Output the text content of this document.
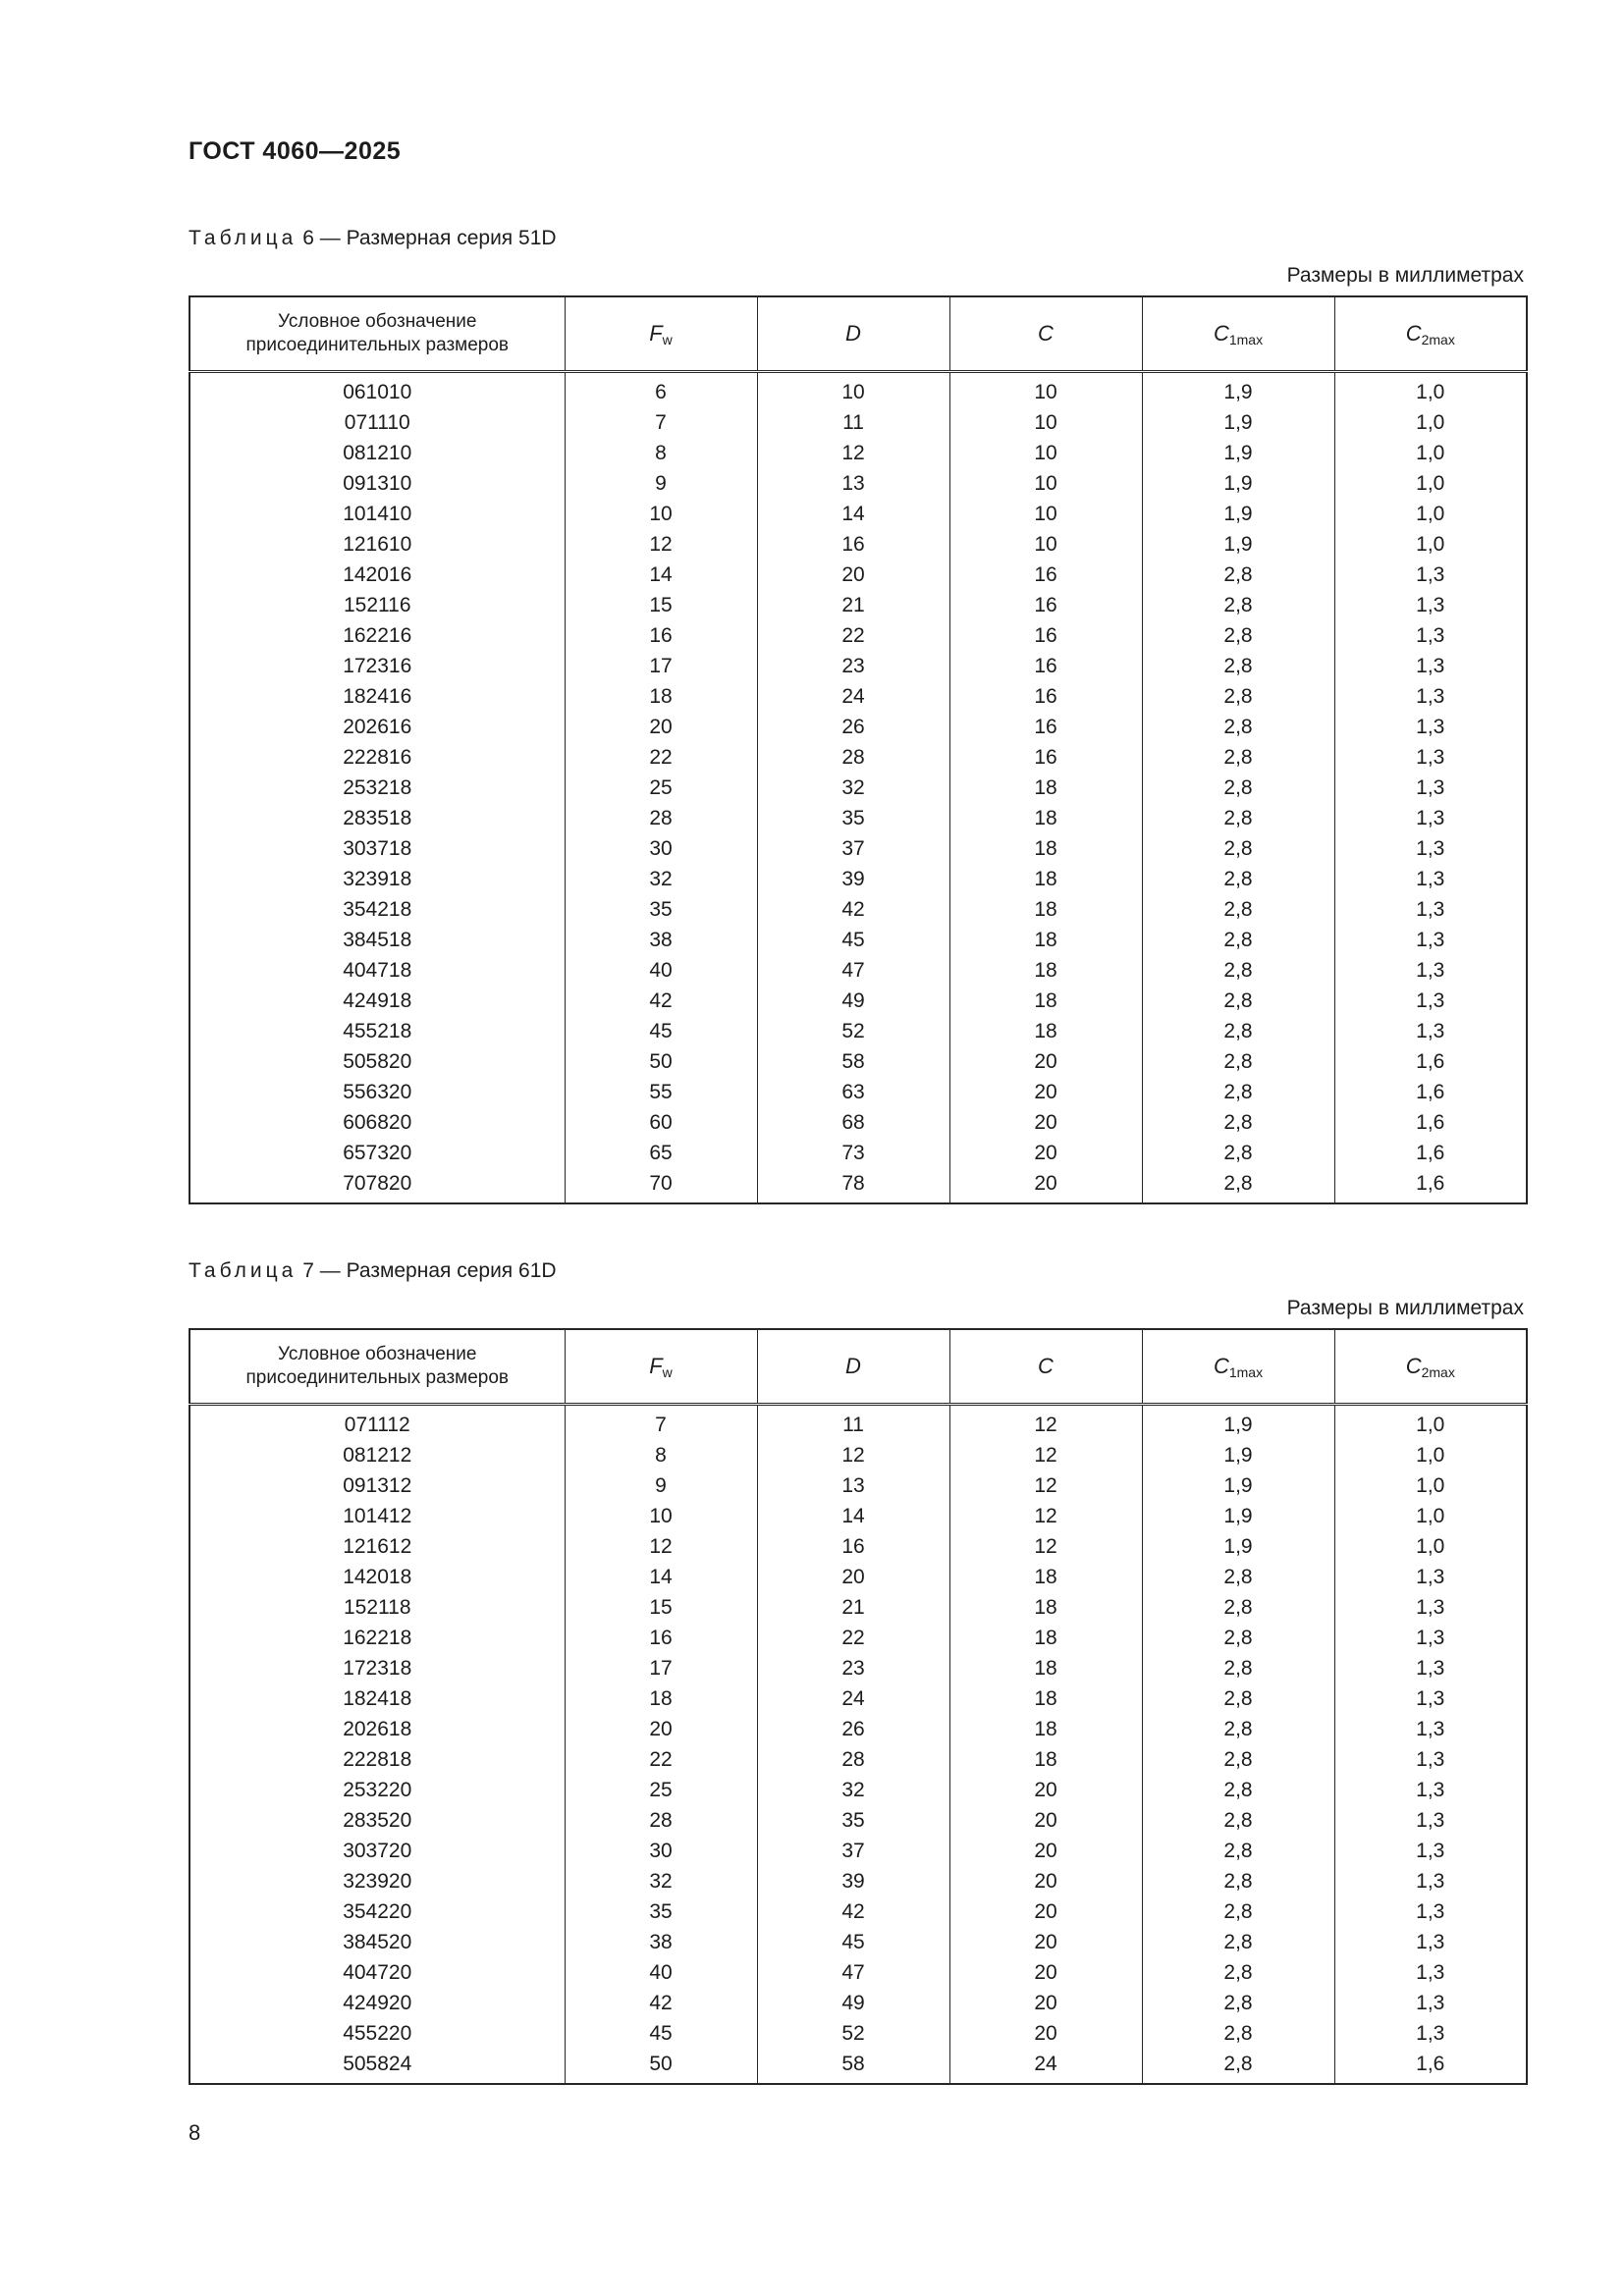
ГОСТ 4060—2025
Таблица 6 — Размерная серия 51D
Размеры в миллиметрах
Условное обозначение присоединительных размеров	$F_w$	D	C	$C_{1max}$	$C_{2max}$
061010	6	10	10	1,9	1,0
071110	7	11	10	1,9	1,0
081210	8	12	10	1,9	1,0
091310	9	13	10	1,9	1,0
101410	10	14	10	1,9	1,0
121610	12	16	10	1,9	1,0
142016	14	20	16	2,8	1,3
152116	15	21	16	2,8	1,3
162216	16	22	16	2,8	1,3
172316	17	23	16	2,8	1,3
182416	18	24	16	2,8	1,3
202616	20	26	16	2,8	1,3
222816	22	28	16	2,8	1,3
253218	25	32	18	2,8	1,3
283518	28	35	18	2,8	1,3
303718	30	37	18	2,8	1,3
323918	32	39	18	2,8	1,3
354218	35	42	18	2,8	1,3
384518	38	45	18	2,8	1,3
404718	40	47	18	2,8	1,3
424918	42	49	18	2,8	1,3
455218	45	52	18	2,8	1,3
505820	50	58	20	2,8	1,6
556320	55	63	20	2,8	1,6
606820	60	68	20	2,8	1,6
657320	65	73	20	2,8	1,6
707820	70	78	20	2,8	1,6
Таблица 7 — Размерная серия 61D
Размеры в миллиметрах
Условное обозначение присоединительных размеров	$F_w$	D	C	$C_{1max}$	$C_{2max}$
071112	7	11	12	1,9	1,0
081212	8	12	12	1,9	1,0
091312	9	13	12	1,9	1,0
101412	10	14	12	1,9	1,0
121612	12	16	12	1,9	1,0
142018	14	20	18	2,8	1,3
152118	15	21	18	2,8	1,3
162218	16	22	18	2,8	1,3
172318	17	23	18	2,8	1,3
182418	18	24	18	2,8	1,3
202618	20	26	18	2,8	1,3
222818	22	28	18	2,8	1,3
253220	25	32	20	2,8	1,3
283520	28	35	20	2,8	1,3
303720	30	37	20	2,8	1,3
323920	32	39	20	2,8	1,3
354220	35	42	20	2,8	1,3
384520	38	45	20	2,8	1,3
404720	40	47	20	2,8	1,3
424920	42	49	20	2,8	1,3
455220	45	52	20	2,8	1,3
505824	50	58	24	2,8	1,6
8
